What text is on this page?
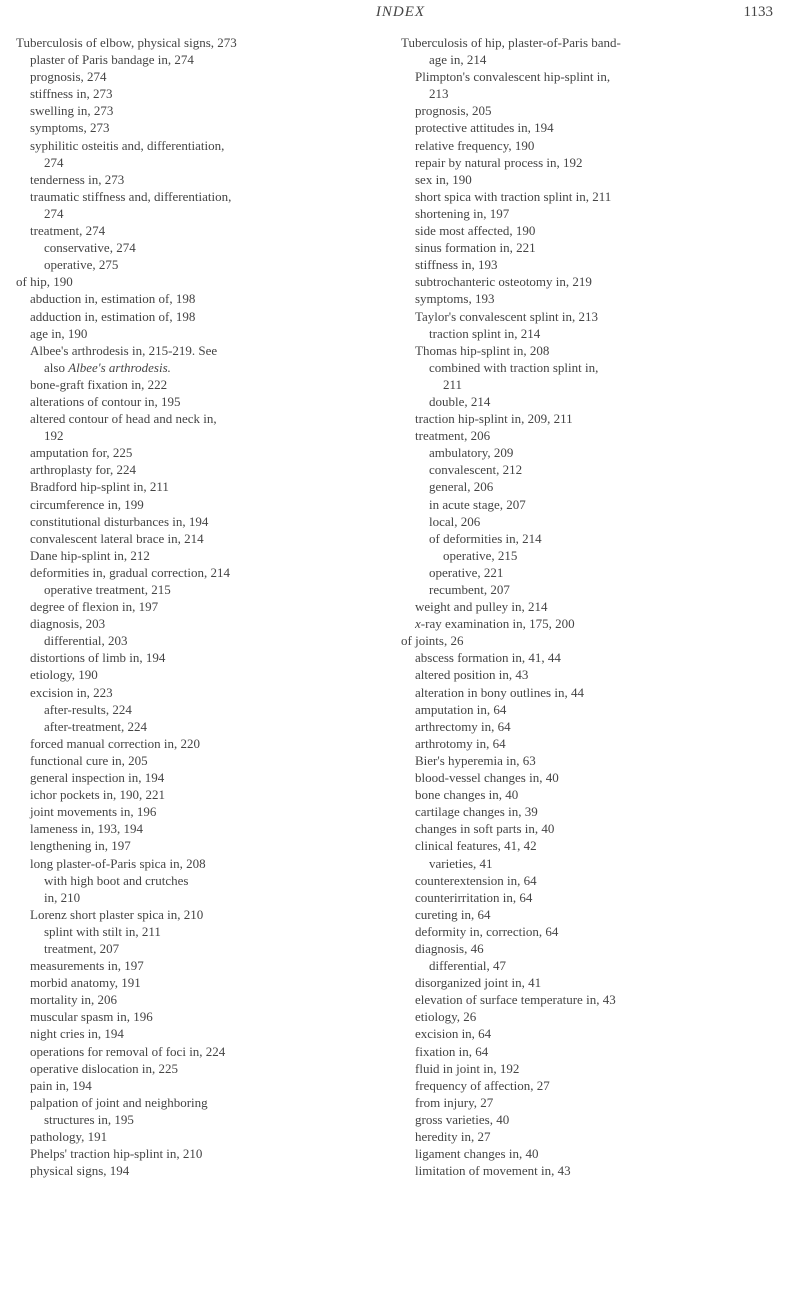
INDEX	1133
Tuberculosis of elbow, physical signs, 273
plaster of Paris bandage in, 274
prognosis, 274
stiffness in, 273
swelling in, 273
symptoms, 273
syphilitic osteitis and, differentiation,
274
tenderness in, 273
traumatic stiffness and, differentiation,
274
treatment, 274
conservative, 274
operative, 275
of hip, 190
abduction in, estimation of, 198
adduction in, estimation of, 198
age in, 190
Albee's arthrodesis in, 215-219. See
also Albee's arthrodesis.
bone-graft fixation in, 222
alterations of contour in, 195
altered contour of head and neck in,
192
amputation for, 225
arthroplasty for, 224
Bradford hip-splint in, 211
circumference in, 199
constitutional disturbances in, 194
convalescent lateral brace in, 214
Dane hip-splint in, 212
deformities in, gradual correction, 214
operative treatment, 215
degree of flexion in, 197
diagnosis, 203
differential, 203
distortions of limb in, 194
etiology, 190
excision in, 223
after-results, 224
after-treatment, 224
forced manual correction in, 220
functional cure in, 205
general inspection in, 194
ichor pockets in, 190, 221
joint movements in, 196
lameness in, 193, 194
lengthening in, 197
long plaster-of-Paris spica in, 208
with high boot and crutches
in, 210
Lorenz short plaster spica in, 210
splint with stilt in, 211
treatment, 207
measurements in, 197
morbid anatomy, 191
mortality in, 206
muscular spasm in, 196
night cries in, 194
operations for removal of foci in, 224
operative dislocation in, 225
pain in, 194
palpation of joint and neighboring
structures in, 195
pathology, 191
Phelps' traction hip-splint in, 210
physical signs, 194
Tuberculosis of hip, plaster-of-Paris band-
age in, 214
Plimpton's convalescent hip-splint in,
213
prognosis, 205
protective attitudes in, 194
relative frequency, 190
repair by natural process in, 192
sex in, 190
short spica with traction splint in, 211
shortening in, 197
side most affected, 190
sinus formation in, 221
stiffness in, 193
subtrochanteric osteotomy in, 219
symptoms, 193
Taylor's convalescent splint in, 213
traction splint in, 214
Thomas hip-splint in, 208
combined with traction splint in,
211
double, 214
traction hip-splint in, 209, 211
treatment, 206
ambulatory, 209
convalescent, 212
general, 206
in acute stage, 207
local, 206
of deformities in, 214
operative, 215
operative, 221
recumbent, 207
weight and pulley in, 214
x-ray examination in, 175, 200
of joints, 26
abscess formation in, 41, 44
altered position in, 43
alteration in bony outlines in, 44
amputation in, 64
arthrectomy in, 64
arthrotomy in, 64
Bier's hyperemia in, 63
blood-vessel changes in, 40
bone changes in, 40
cartilage changes in, 39
changes in soft parts in, 40
clinical features, 41, 42
varieties, 41
counterextension in, 64
counterirritation in, 64
cureting in, 64
deformity in, correction, 64
diagnosis, 46
differential, 47
disorganized joint in, 41
elevation of surface temperature in, 43
etiology, 26
excision in, 64
fixation in, 64
fluid in joint in, 192
frequency of affection, 27
from injury, 27
gross varieties, 40
heredity in, 27
ligament changes in, 40
limitation of movement in, 43
